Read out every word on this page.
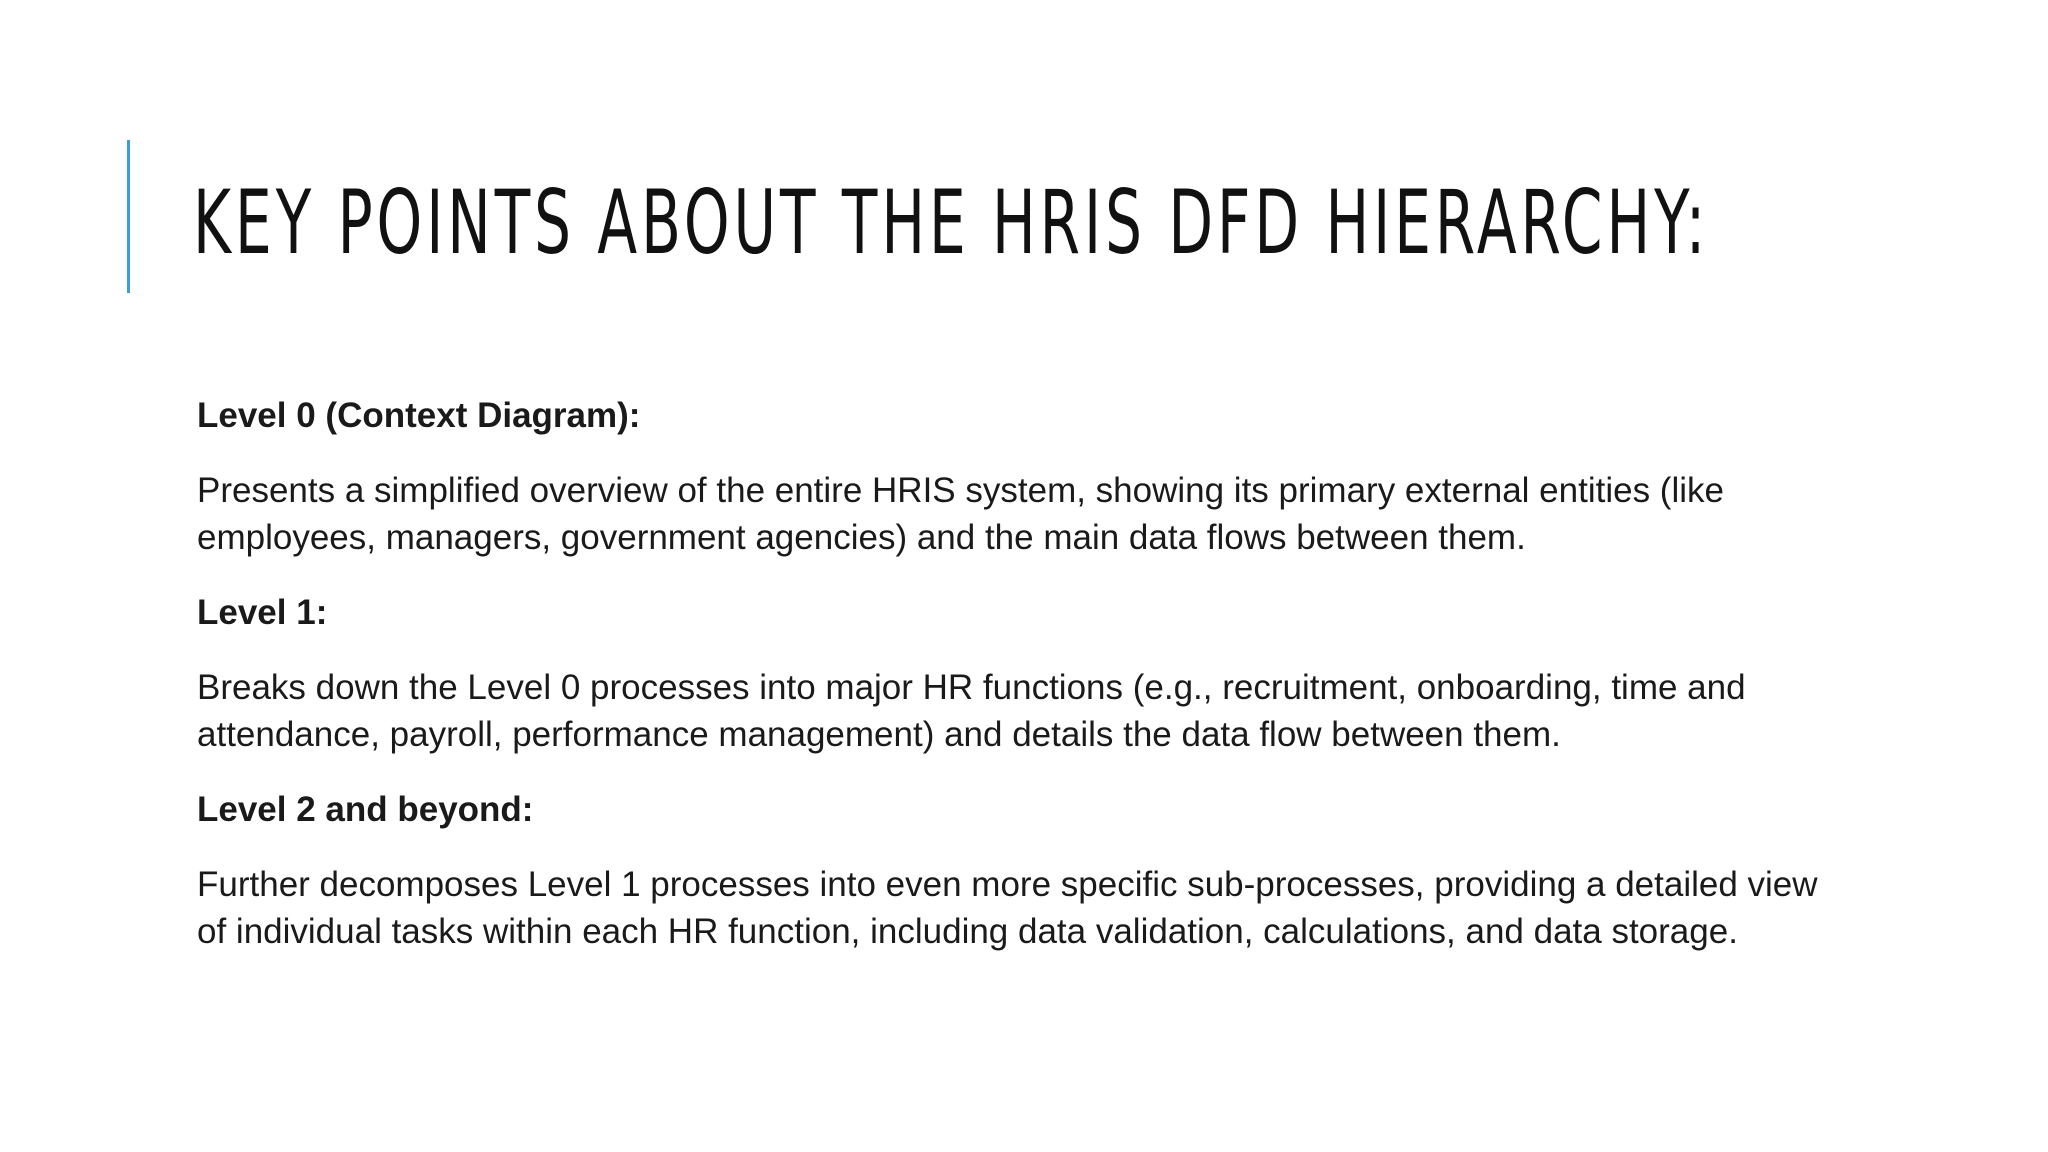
KEY POINTS ABOUT THE HRIS DFD HIERARCHY:

Level 0 (Context Diagram):

Presents a simplified overview of the entire HRIS system, showing its primary external entities (like employees, managers, government agencies) and the main data flows between them.

Level 1:

Breaks down the Level 0 processes into major HR functions (e.g., recruitment, onboarding, time and attendance, payroll, performance management) and details the data flow between them.

Level 2 and beyond:

Further decomposes Level 1 processes into even more specific sub-processes, providing a detailed view of individual tasks within each HR function, including data validation, calculations, and data storage.
